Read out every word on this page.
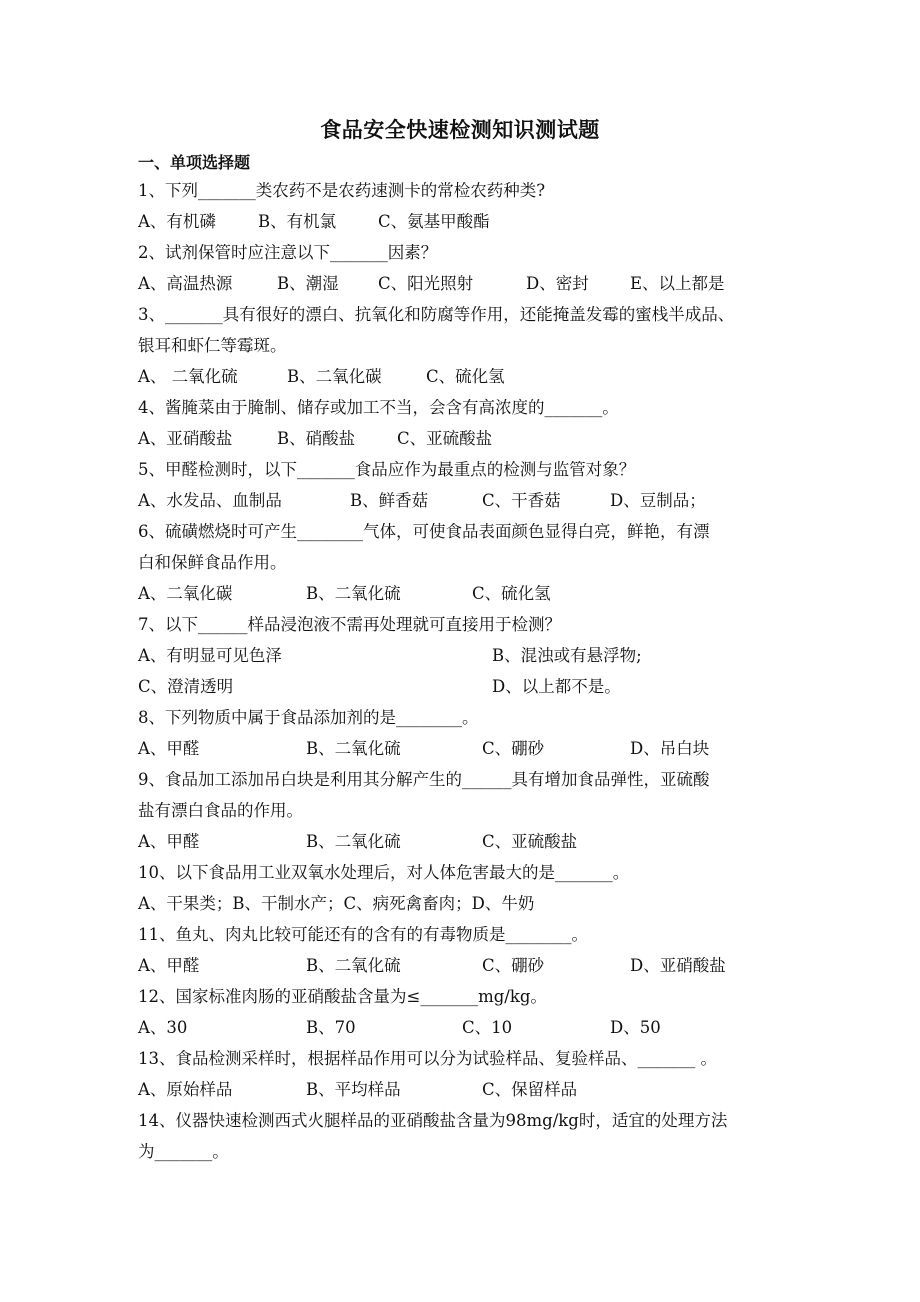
食品安全快速检测知识测试题
一、单项选择题
1、下列_______类农药不是农药速测卡的常检农药种类?
A、有机磷	B、有机氯	C、氨基甲酸酯
2、试剂保管时应注意以下_______因素？
A、高温热源	B、潮湿 C、阳光照射	D、密封	E、以上都是
3、_______具有很好的漂白、抗氧化和防腐等作用，还能掩盖发霉的蜜栈半成品、
银耳和虾仁等霉斑。
A、 二氧化硫	B、二氧化碳	C、硫化氢
4、酱腌菜由于腌制、储存或加工不当，会含有高浓度的_______。
A、亚硝酸盐	B、硝酸盐	C、亚硫酸盐
5、甲醛检测时，以下_______食品应作为最重点的检测与监管对象？
A、水发品、血制品	B、鲜香菇	C、干香菇	D、豆制品；
6、硫磺燃烧时可产生________气体，可使食品表面颜色显得白亮，鲜艳，有漂
白和保鲜食品作用。
A、二氧化碳	B、二氧化硫	C、硫化氢
7、以下______样品浸泡液不需再处理就可直接用于检测？
A、有明显可见色泽	B、混浊或有悬浮物;
C、澄清透明	D、以上都不是。
8、下列物质中属于食品添加剂的是________。
A、甲醛	B、二氧化硫	C、硼砂	D、吊白块
9、食品加工添加吊白块是利用其分解产生的______具有增加食品弹性，亚硫酸
盐有漂白食品的作用。
A、甲醛	B、二氧化硫	C、亚硫酸盐
10、以下食品用工业双氧水处理后，对人体危害最大的是_______。
A、干果类；B、干制水产；C、病死禽畜肉；D、牛奶
11、鱼丸、肉丸比较可能还有的含有的有毒物质是________。
A、甲醛	B、二氧化硫	C、硼砂	D、亚硝酸盐
12、国家标准肉肠的亚硝酸盐含量为≤_______mg/kg。
A、30	B、70	C、10	D、50
13、食品检测采样时，根据样品作用可以分为试验样品、复验样品、_______ 。
A、原始样品	B、平均样品	C、保留样品
14、仪器快速检测西式火腿样品的亚硝酸盐含量为98mg/kg时，适宜的处理方法
为_______。
